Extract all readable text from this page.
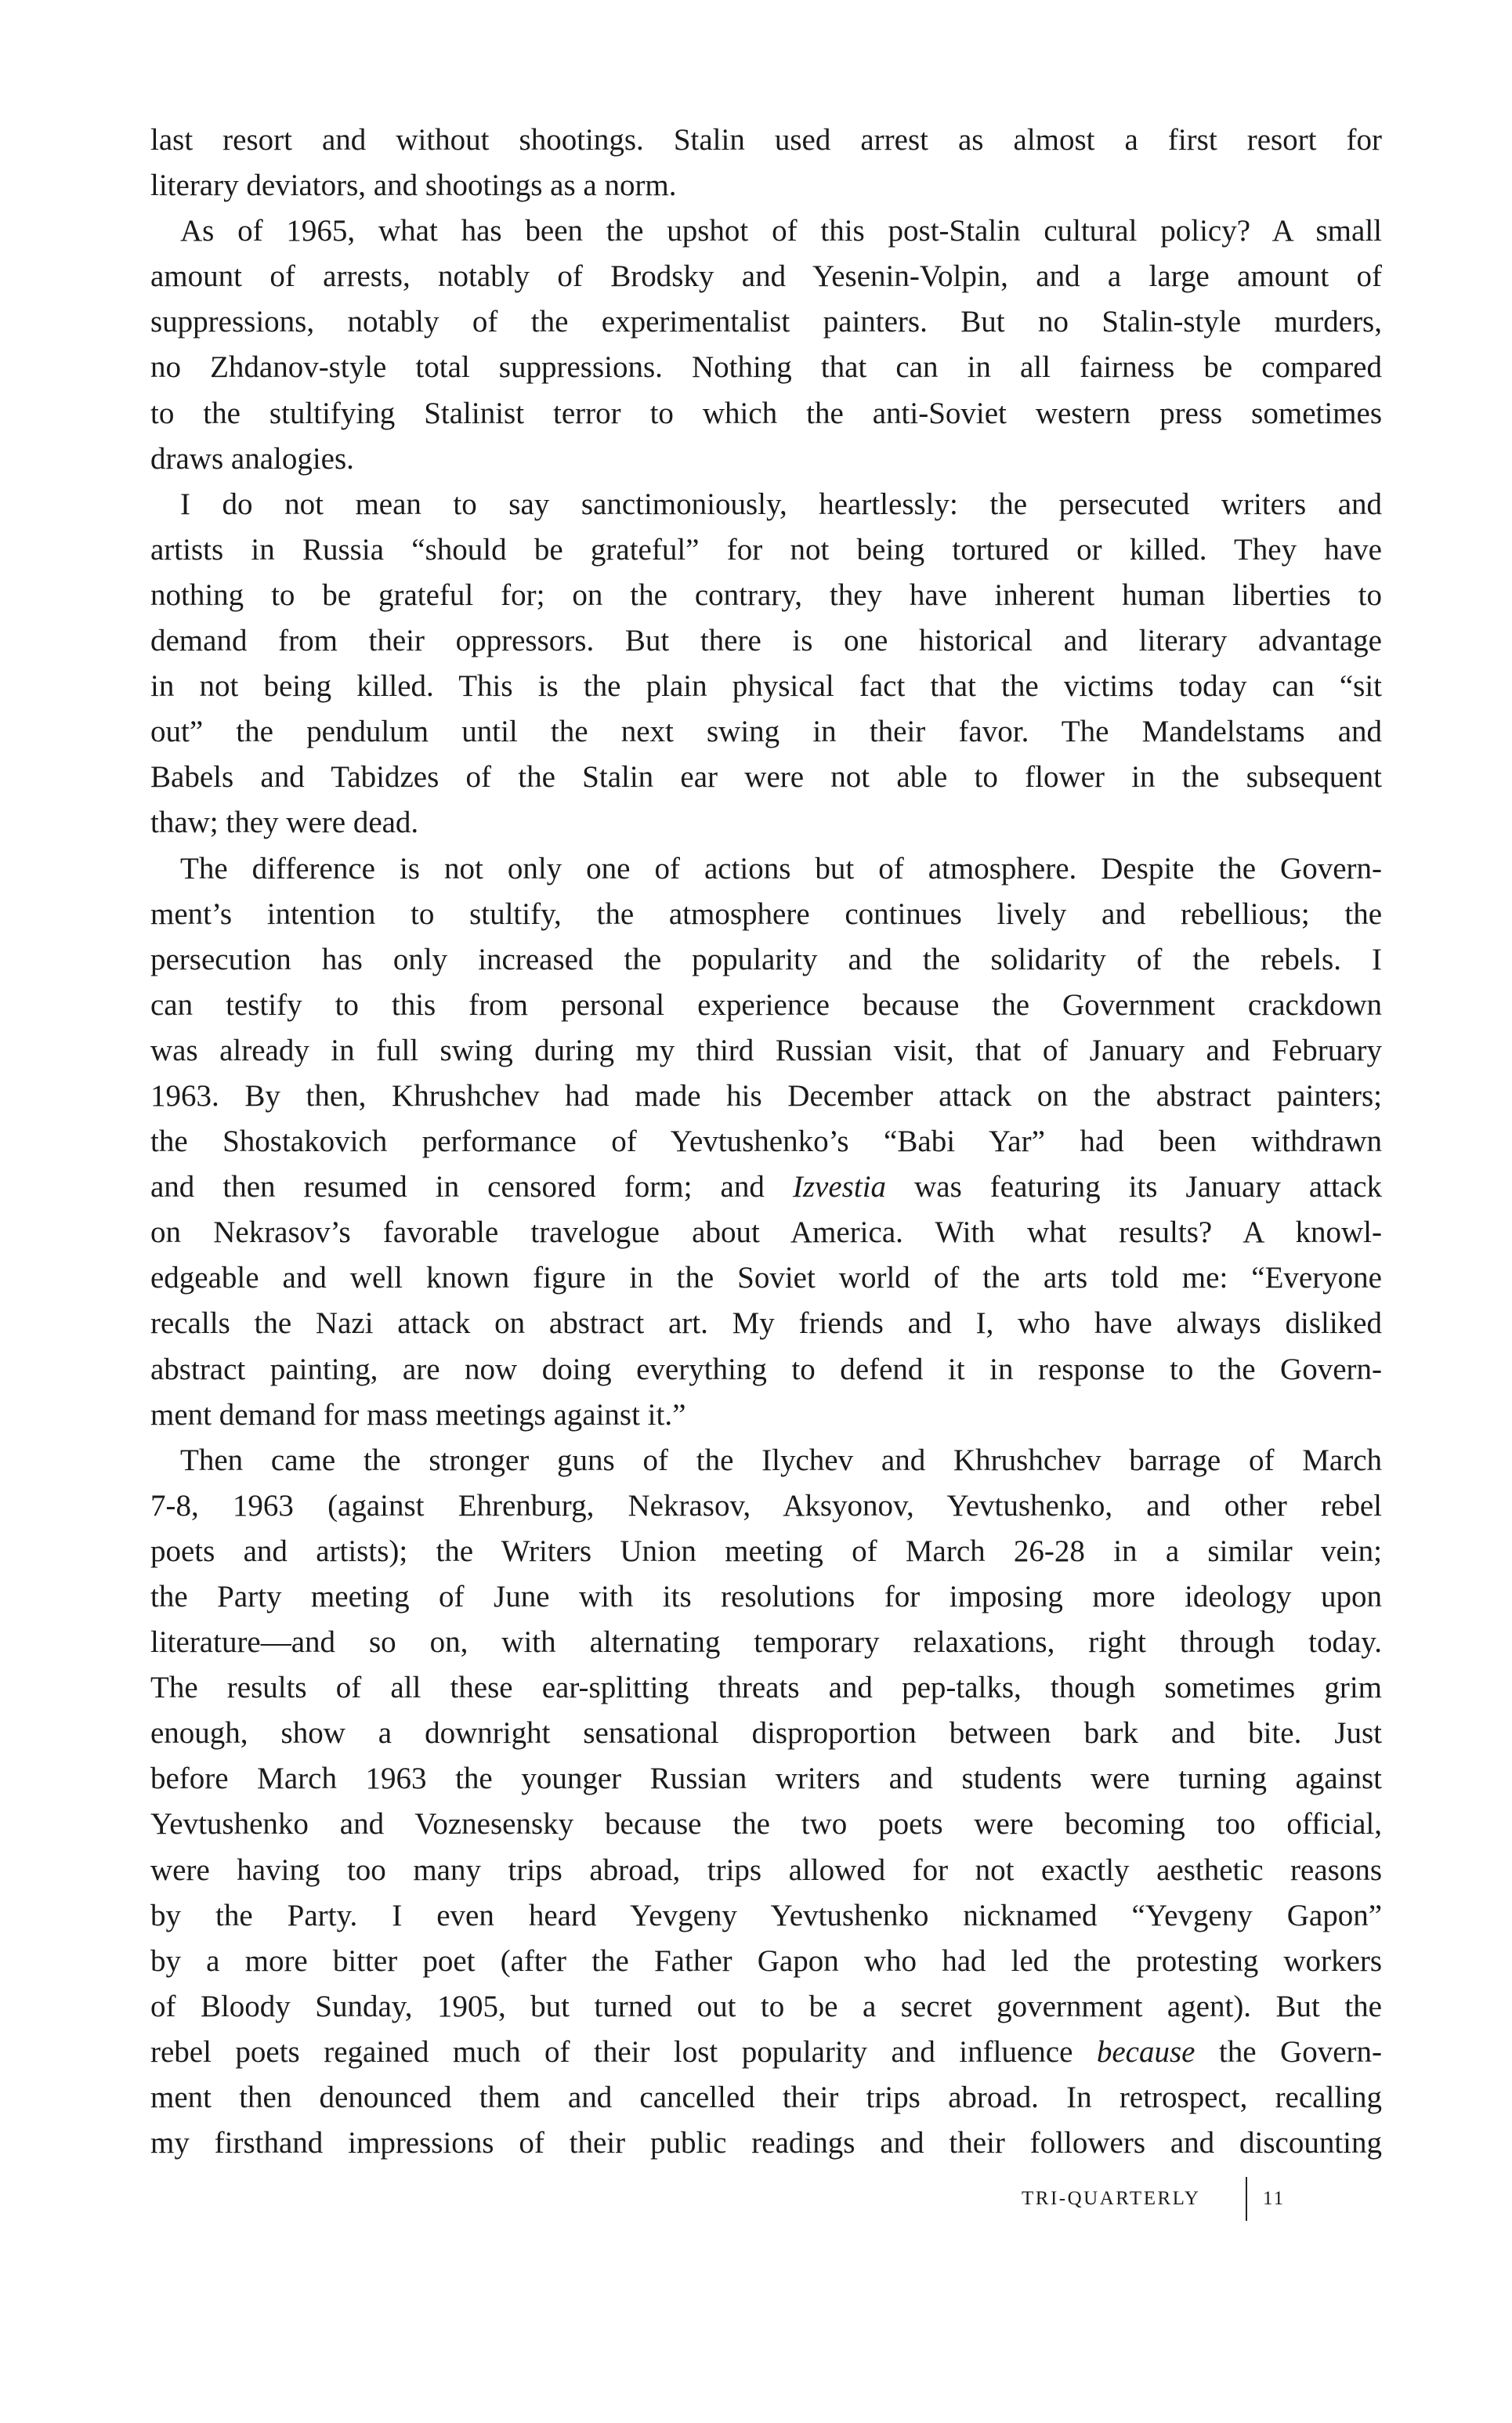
last resort and without shootings. Stalin used arrest as almost a first resort for
literary deviators, and shootings as a norm.
As of 1965, what has been the upshot of this post-Stalin cultural policy? A small
amount of arrests, notably of Brodsky and Yesenin-Volpin, and a large amount of
suppressions, notably of the experimentalist painters. But no Stalin-style murders,
no Zhdanov-style total suppressions. Nothing that can in all fairness be compared
to the stultifying Stalinist terror to which the anti-Soviet western press sometimes
draws analogies.
I do not mean to say sanctimoniously, heartlessly: the persecuted writers and
artists in Russia “should be grateful” for not being tortured or killed. They have
nothing to be grateful for; on the contrary, they have inherent human liberties to
demand from their oppressors. But there is one historical and literary advantage
in not being killed. This is the plain physical fact that the victims today can “sit
out” the pendulum until the next swing in their favor. The Mandelstams and
Babels and Tabidzes of the Stalin ear were not able to flower in the subsequent
thaw; they were dead.
The difference is not only one of actions but of atmosphere. Despite the Govern-
ment’s intention to stultify, the atmosphere continues lively and rebellious; the
persecution has only increased the popularity and the solidarity of the rebels. I
can testify to this from personal experience because the Government crackdown
was already in full swing during my third Russian visit, that of January and February
1963. By then, Khrushchev had made his December attack on the abstract painters;
the Shostakovich performance of Yevtushenko’s “Babi Yar” had been withdrawn
and then resumed in censored form; and Izvestia was featuring its January attack
on Nekrasov’s favorable travelogue about America. With what results? A knowl-
edgeable and well known figure in the Soviet world of the arts told me: “Everyone
recalls the Nazi attack on abstract art. My friends and I, who have always disliked
abstract painting, are now doing everything to defend it in response to the Govern-
ment demand for mass meetings against it.”
Then came the stronger guns of the Ilychev and Khrushchev barrage of March
7-8, 1963 (against Ehrenburg, Nekrasov, Aksyonov, Yevtushenko, and other rebel
poets and artists); the Writers Union meeting of March 26-28 in a similar vein;
the Party meeting of June with its resolutions for imposing more ideology upon
literature—and so on, with alternating temporary relaxations, right through today.
The results of all these ear-splitting threats and pep-talks, though sometimes grim
enough, show a downright sensational disproportion between bark and bite. Just
before March 1963 the younger Russian writers and students were turning against
Yevtushenko and Voznesensky because the two poets were becoming too official,
were having too many trips abroad, trips allowed for not exactly aesthetic reasons
by the Party. I even heard Yevgeny Yevtushenko nicknamed “Yevgeny Gapon”
by a more bitter poet (after the Father Gapon who had led the protesting workers
of Bloody Sunday, 1905, but turned out to be a secret government agent). But the
rebel poets regained much of their lost popularity and influence because the Govern-
ment then denounced them and cancelled their trips abroad. In retrospect, recalling
my firsthand impressions of their public readings and their followers and discounting
TRI-QUARTERLY	11
